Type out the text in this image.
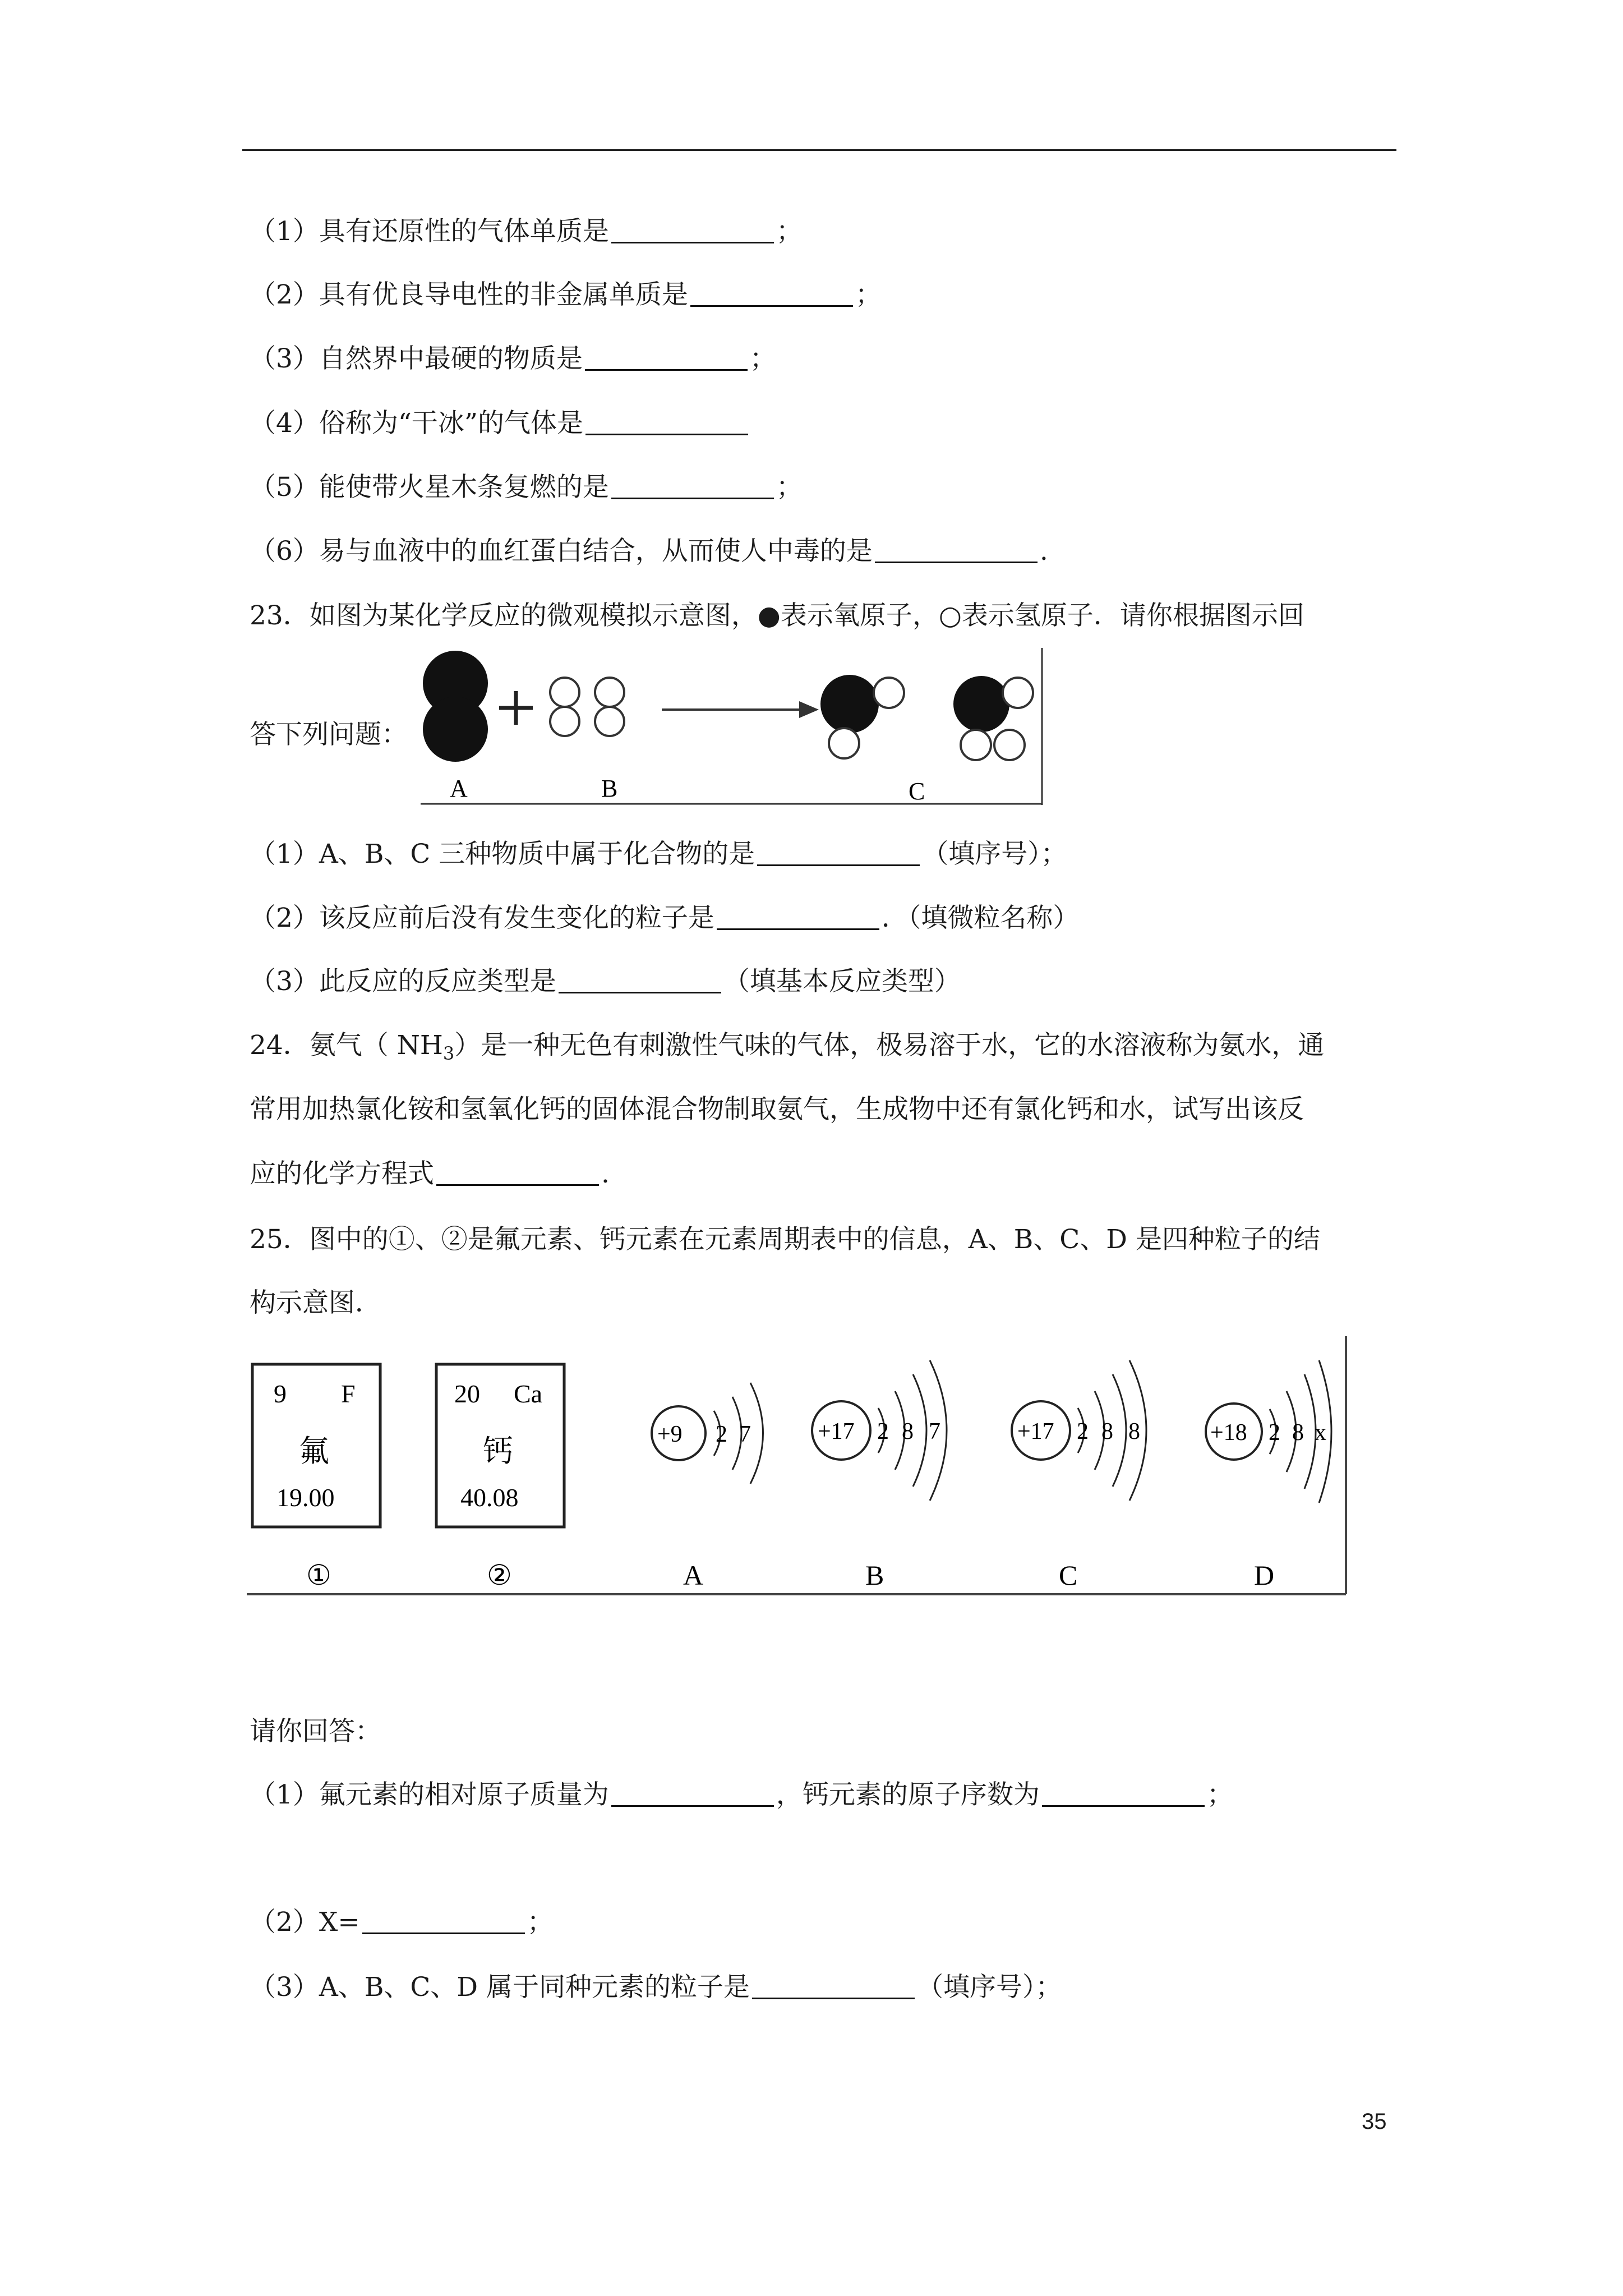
（1）具有还原性的气体单质是	；
（2）具有优良导电性的非金属单质是	；
（3）自然界中最硬的物质是	；
（4）俗称为“干冰”的气体是
（5）能使带火星木条复燃的是	；
（6）易与血液中的血红蛋白结合，从而使人中毒的是	.
23．如图为某化学反应的微观模拟示意图，●表示氧原子，○表示氢原子．请你根据图示回
答下列问题：
A	B	C
（1）A、B、C 三种物质中属于化合物的是	（填序号）；
（2）该反应前后没有发生变化的粒子是	．（填微粒名称）
（3）此反应的反应类型是	（填基本反应类型）
24．氨气（ $NH_3$）是一种无色有刺激性气味的气体，极易溶于水，它的水溶液称为氨水，通
常用加热氯化铵和氢氧化钙的固体混合物制取氨气，生成物中还有氯化钙和水，试写出该反
应的化学方程式	.
25．图中的①、②是氟元素、钙元素在元素周期表中的信息，A、B、C、D 是四种粒子的结
构示意图．
9 F
氟
19.00
①
20 Ca
钙
40.08
②
+9 2 7
A
+17 2 8 7
B
+17 2 8 8
C
+18 2 8 x
D
请你回答：
（1）氟元素的相对原子质量为	，钙元素的原子序数为	；
（2）X=	；
（3）A、B、C、D 属于同种元素的粒子是	（填序号）；
35
